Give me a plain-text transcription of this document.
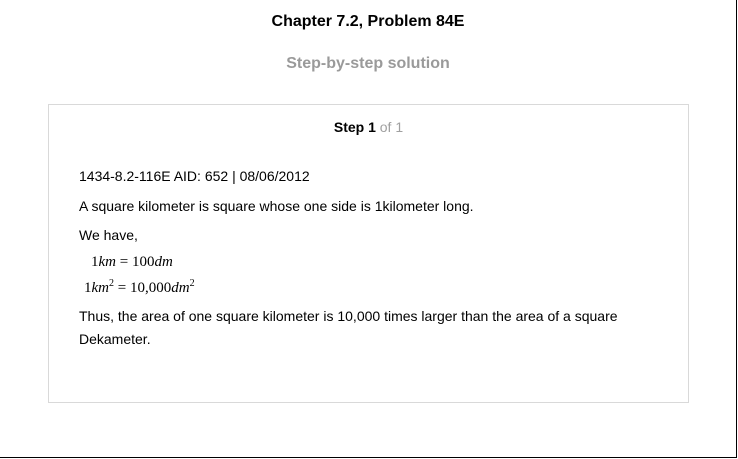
Chapter 7.2, Problem 84E
Step-by-step solution
Step 1 of 1
1434-8.2-116E AID: 652 | 08/06/2012
A square kilometer is square whose one side is 1kilometer long.
We have,
1km = 100dm
$1km^2 = 10,000dm^2$
Thus, the area of one square kilometer is 10,000 times larger than the area of a square Dekameter.
